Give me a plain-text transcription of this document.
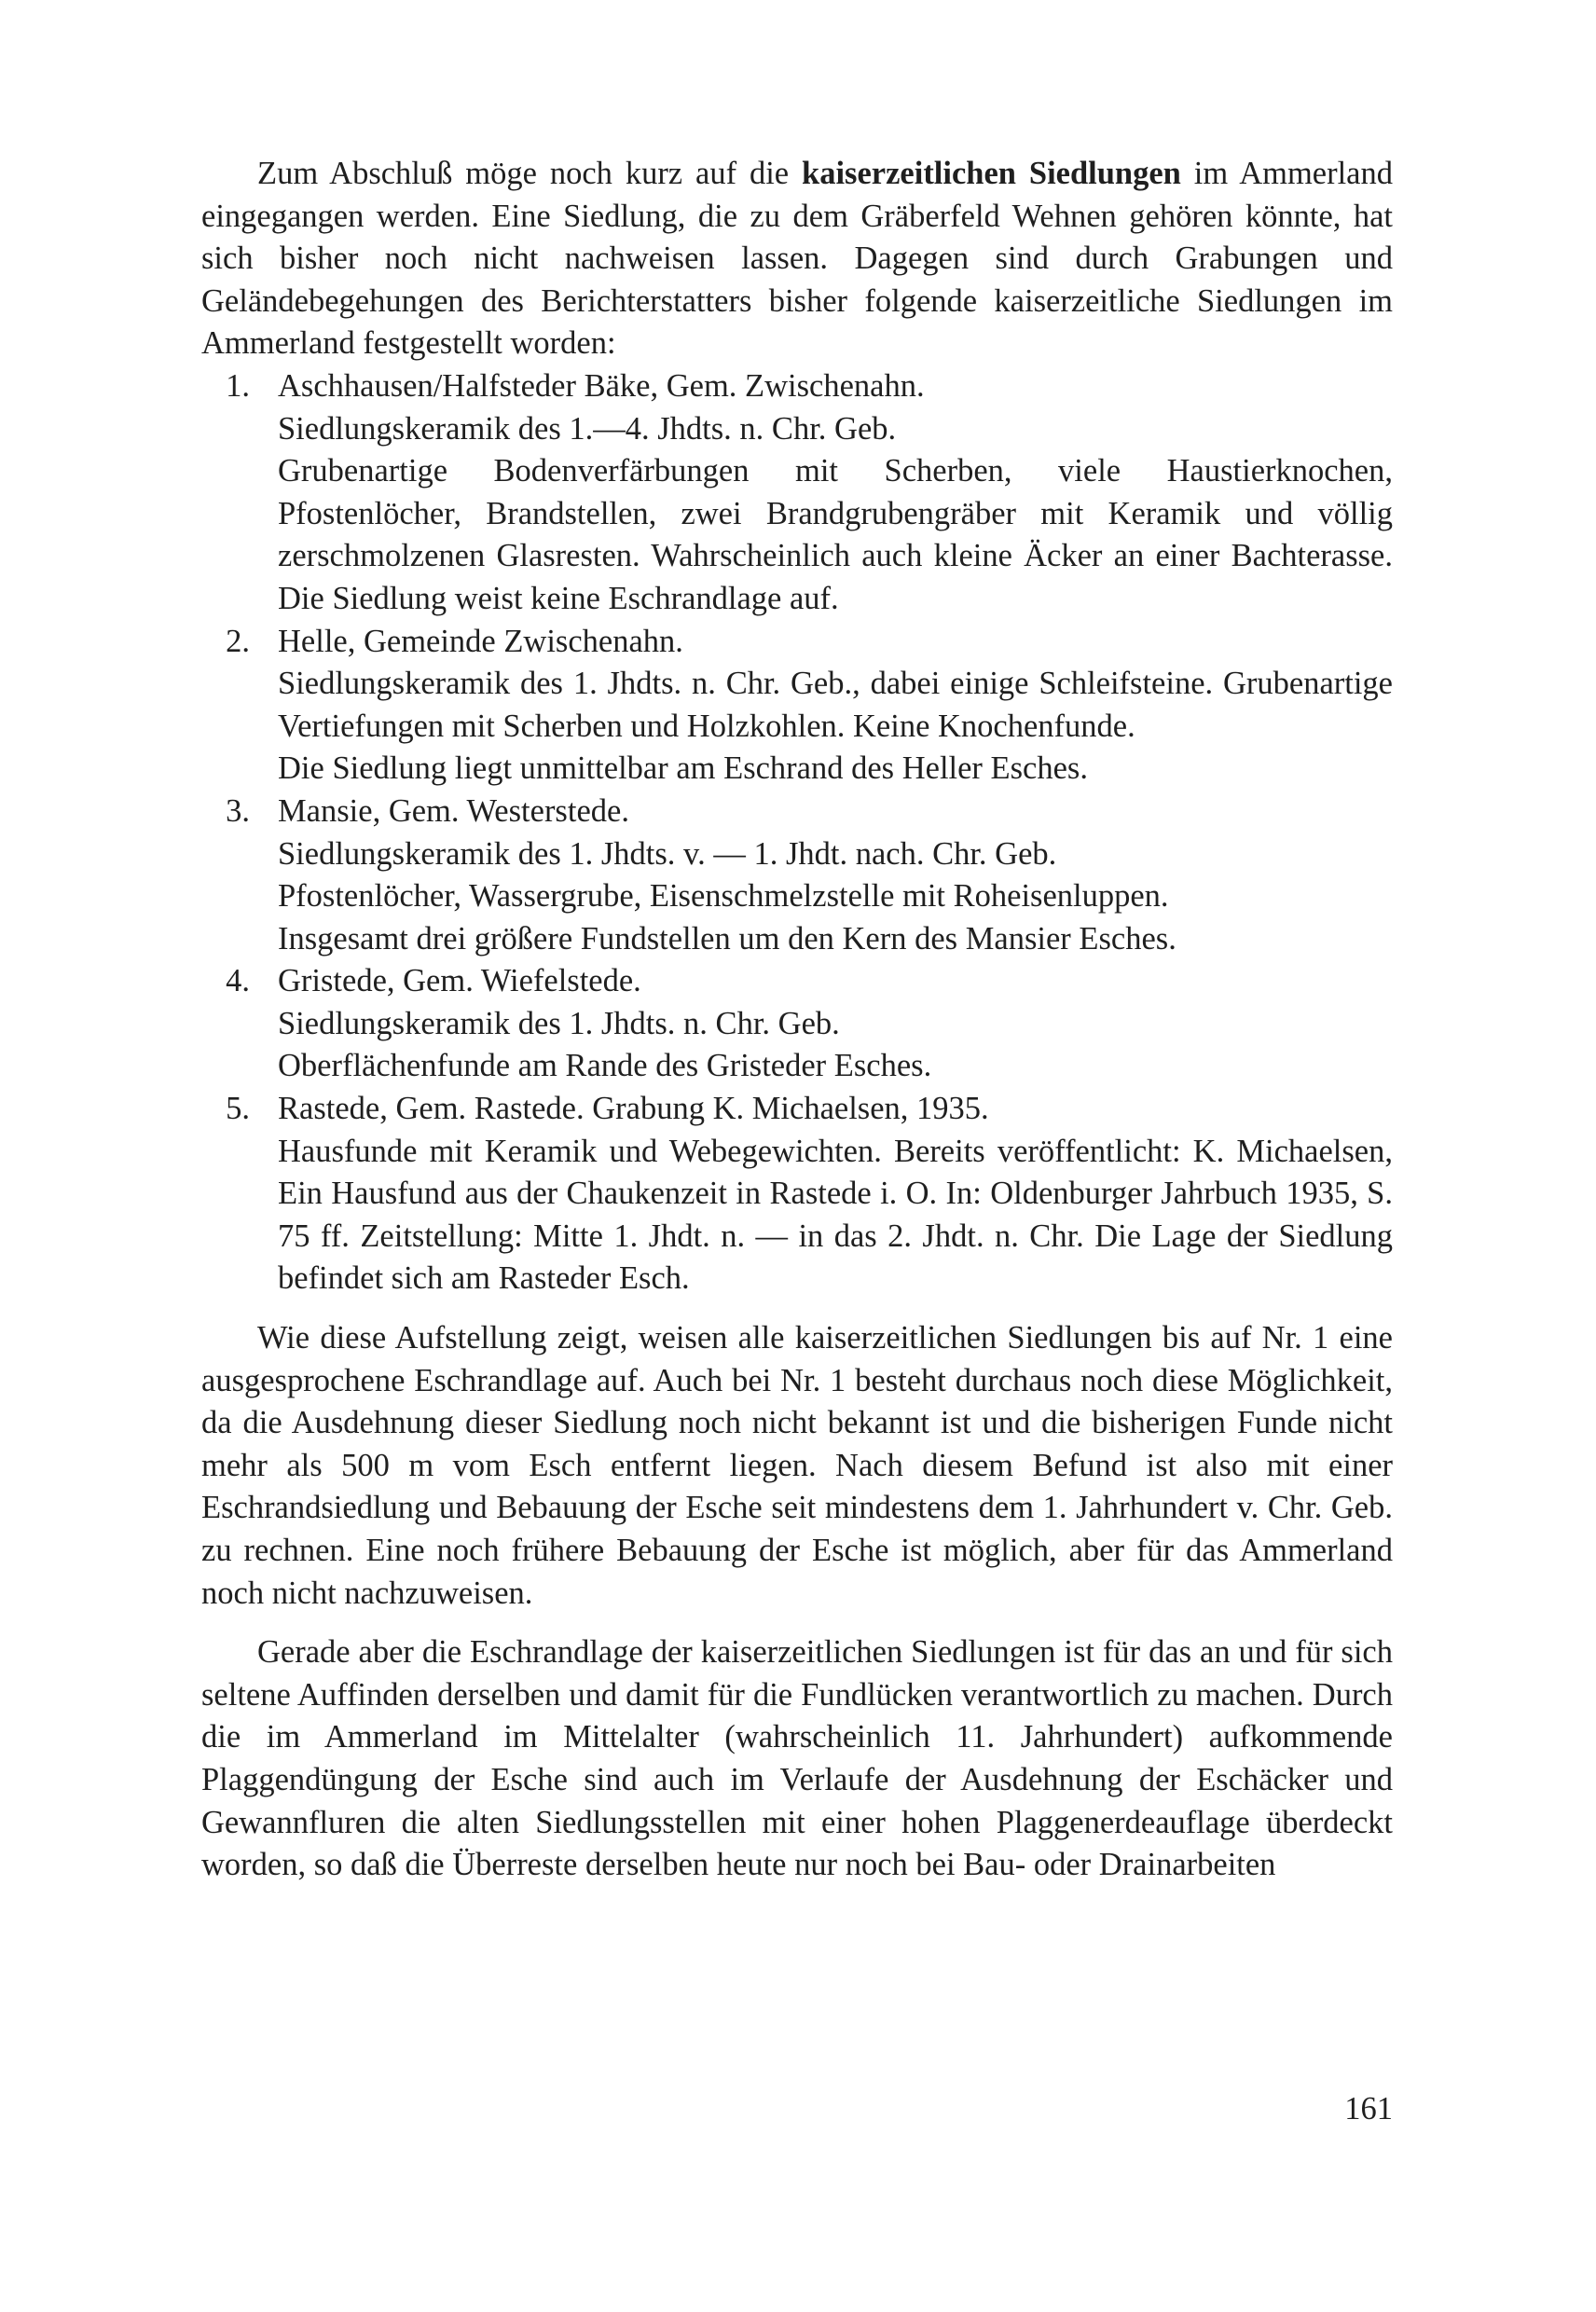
Zum Abschluß möge noch kurz auf die kaiserzeitlichen Siedlungen im Ammerland eingegangen werden. Eine Siedlung, die zu dem Gräberfeld Wehnen gehören könnte, hat sich bisher noch nicht nachweisen lassen. Dagegen sind durch Grabungen und Geländebegehungen des Berichterstatters bisher folgende kaiserzeitliche Siedlungen im Ammerland festgestellt worden:

1. Aschhausen/Halfsteder Bäke, Gem. Zwischenahn.
Siedlungskeramik des 1.—4. Jhdts. n. Chr. Geb.
Grubenartige Bodenverfärbungen mit Scherben, viele Haustierknochen, Pfostenlöcher, Brandstellen, zwei Brandgrubengräber mit Keramik und völlig zerschmolzenen Glasresten. Wahrscheinlich auch kleine Äcker an einer Bachterasse. Die Siedlung weist keine Eschrandlage auf.
2. Helle, Gemeinde Zwischenahn.
Siedlungskeramik des 1. Jhdts. n. Chr. Geb., dabei einige Schleifsteine. Grubenartige Vertiefungen mit Scherben und Holzkohlen. Keine Knochenfunde.
Die Siedlung liegt unmittelbar am Eschrand des Heller Esches.
3. Mansie, Gem. Westerstede.
Siedlungskeramik des 1. Jhdts. v. — 1. Jhdt. nach. Chr. Geb.
Pfostenlöcher, Wassergrube, Eisenschmelzstelle mit Roheisenluppen.
Insgesamt drei größere Fundstellen um den Kern des Mansier Esches.
4. Gristede, Gem. Wiefelstede.
Siedlungskeramik des 1. Jhdts. n. Chr. Geb.
Oberflächenfunde am Rande des Gristeder Esches.
5. Rastede, Gem. Rastede. Grabung K. Michaelsen, 1935.
Hausfunde mit Keramik und Webegewichten. Bereits veröffentlicht: K. Michaelsen, Ein Hausfund aus der Chaukenzeit in Rastede i. O. In: Oldenburger Jahrbuch 1935, S. 75 ff. Zeitstellung: Mitte 1. Jhdt. n. — in das 2. Jhdt. n. Chr. Die Lage der Siedlung befindet sich am Rasteder Esch.

Wie diese Aufstellung zeigt, weisen alle kaiserzeitlichen Siedlungen bis auf Nr. 1 eine ausgesprochene Eschrandlage auf. Auch bei Nr. 1 besteht durchaus noch diese Möglichkeit, da die Ausdehnung dieser Siedlung noch nicht bekannt ist und die bisherigen Funde nicht mehr als 500 m vom Esch entfernt liegen. Nach diesem Befund ist also mit einer Eschrandsiedlung und Bebauung der Esche seit mindestens dem 1. Jahrhundert v. Chr. Geb. zu rechnen. Eine noch frühere Bebauung der Esche ist möglich, aber für das Ammerland noch nicht nachzuweisen.

Gerade aber die Eschrandlage der kaiserzeitlichen Siedlungen ist für das an und für sich seltene Auffinden derselben und damit für die Fundlücken verantwortlich zu machen. Durch die im Ammerland im Mittelalter (wahrscheinlich 11. Jahrhundert) aufkommende Plaggendüngung der Esche sind auch im Verlaufe der Ausdehnung der Eschäcker und Gewannfluren die alten Siedlungsstellen mit einer hohen Plaggenerdeauflage überdeckt worden, so daß die Überreste derselben heute nur noch bei Bau- oder Drainarbeiten

161
